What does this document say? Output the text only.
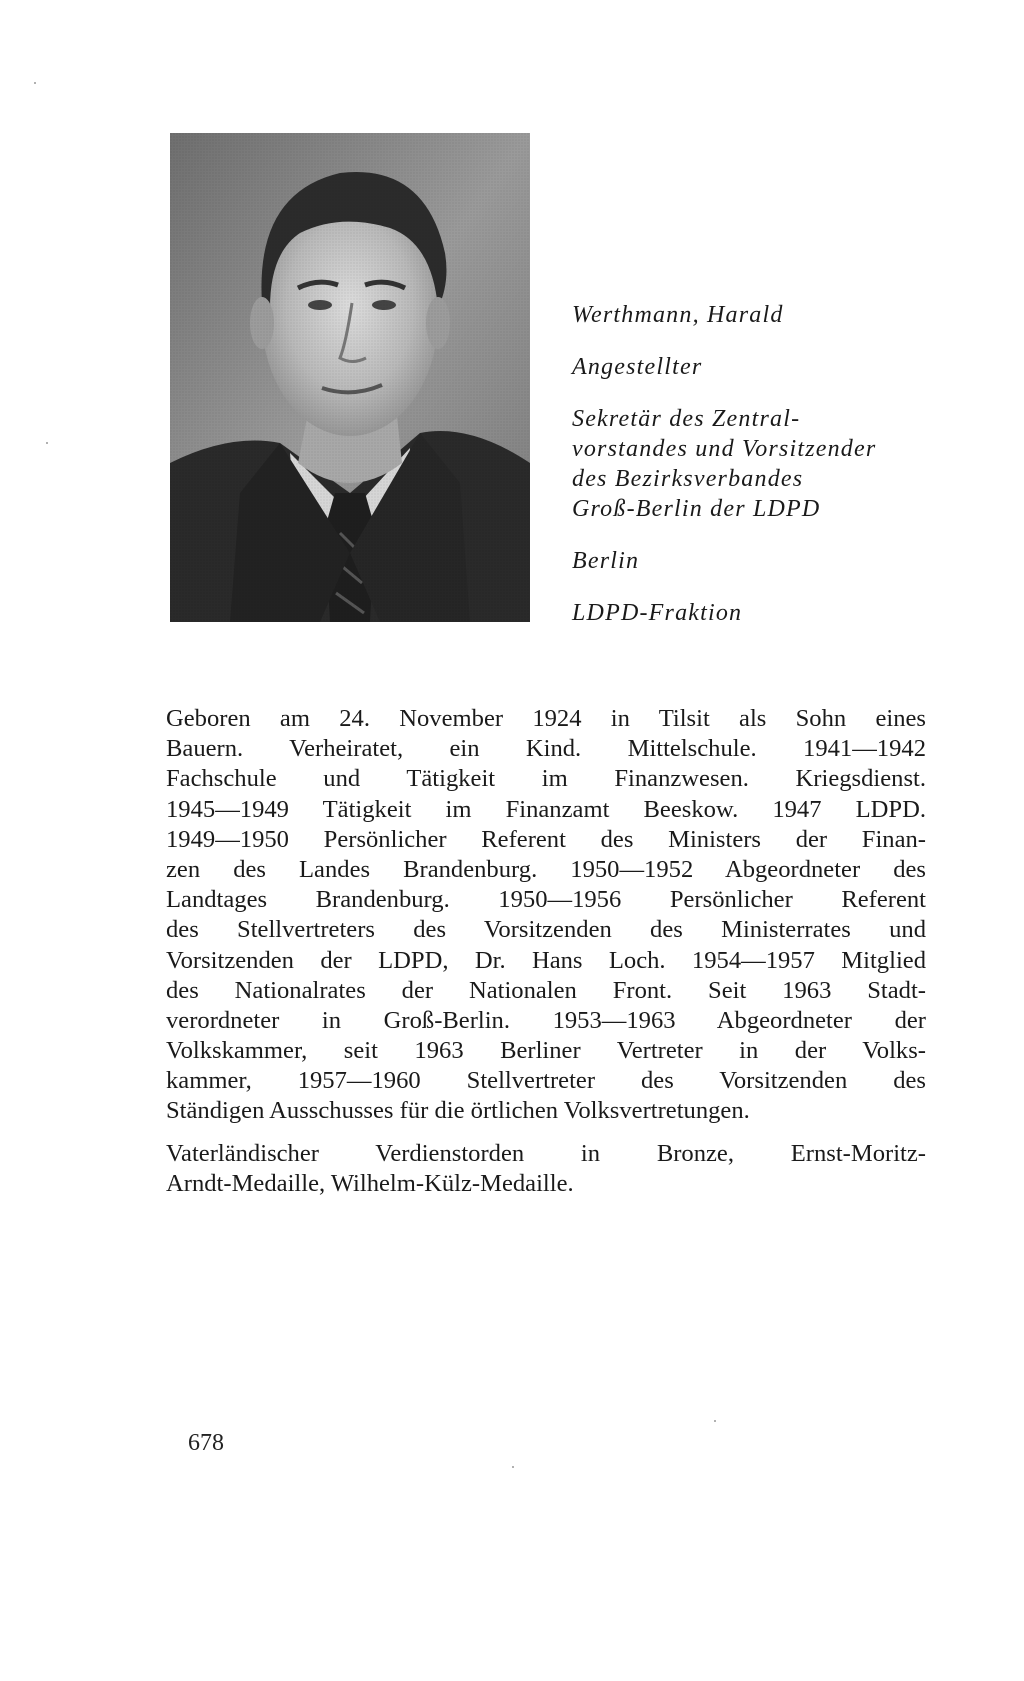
Werthmann, Harald

Angestellter

Sekretär des Zentral-
vorstandes und Vorsitzender
des Bezirksverbandes
Groß-Berlin der LDPD

Berlin

LDPD-Fraktion

Geboren am 24. November 1924 in Tilsit als Sohn eines
Bauern. Verheiratet, ein Kind. Mittelschule. 1941—1942
Fachschule und Tätigkeit im Finanzwesen. Kriegsdienst.
1945—1949 Tätigkeit im Finanzamt Beeskow. 1947 LDPD.
1949—1950 Persönlicher Referent des Ministers der Finan-
zen des Landes Brandenburg. 1950—1952 Abgeordneter des
Landtages Brandenburg. 1950—1956 Persönlicher Referent
des Stellvertreters des Vorsitzenden des Ministerrates und
Vorsitzenden der LDPD, Dr. Hans Loch. 1954—1957 Mitglied
des Nationalrates der Nationalen Front. Seit 1963 Stadt-
verordneter in Groß-Berlin. 1953—1963 Abgeordneter der
Volkskammer, seit 1963 Berliner Vertreter in der Volks-
kammer, 1957—1960 Stellvertreter des Vorsitzenden des
Ständigen Ausschusses für die örtlichen Volksvertretungen.
Vaterländischer Verdienstorden in Bronze, Ernst-Moritz-
Arndt-Medaille, Wilhelm-Külz-Medaille.
678
